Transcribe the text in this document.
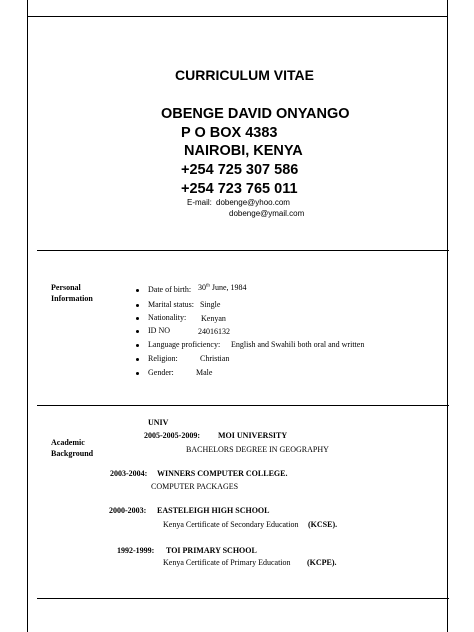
CURRICULUM VITAE
OBENGE DAVID ONYANGO
P O BOX 4383
NAIROBI, KENYA
+254 725 307 586
+254 723 765 011
E-mail: dobenge@yhoo.com
dobenge@ymail.com
Personal
Information
Date of birth: 30th June, 1984
Marital status: Single
Nationality: Kenyan
ID NO	24016132
Language proficiency: English and Swahili both oral and written
Religion:	Christian
Gender:	Male
Academic
Background
UNIV
2005-2005-2009: MOI UNIVERSITY
BACHELORS DEGREE IN GEOGRAPHY
2003-2004: WINNERS COMPUTER COLLEGE.
COMPUTER PACKAGES
2000-2003: EASTELEIGH HIGH SCHOOL
Kenya Certificate of Secondary Education (KCSE).
1992-1999: TOI PRIMARY SCHOOL
Kenya Certificate of Primary Education (KCPE).
